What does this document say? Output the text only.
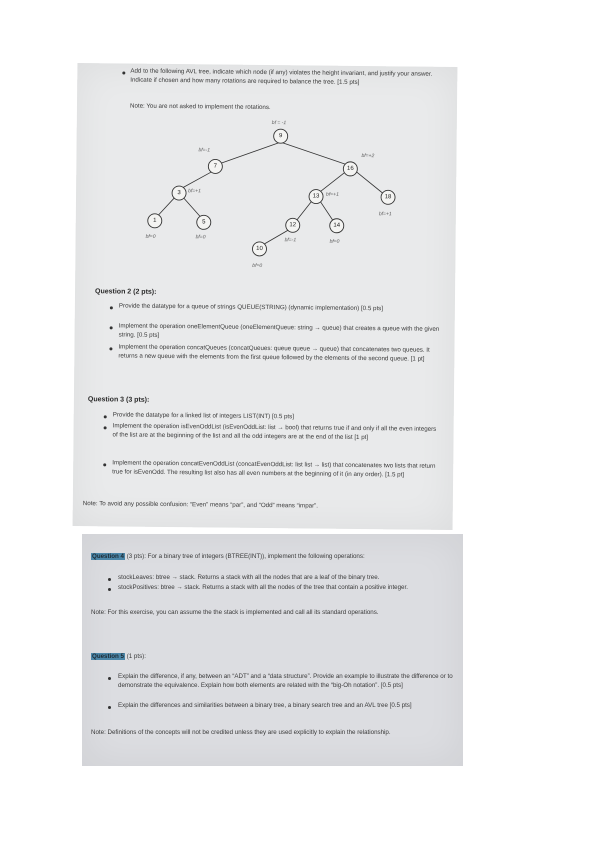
Add to the following AVL tree, indicate which node (if any) violates the height invariant, and justify your answer. Indicate if chosen and how many rotations are required to balance the tree. [1.5 pts]
Note: You are not asked to implement the rotations.
9
7	16
3
13	18
1	5	12	14
10
bf = -1
bf=-1
bf=+2
bf=+1
bf=+1
bf=+1
bf=0	bf=0	bf=-1	bf=0
bf=0
Question 2 (2 pts):
Provide the datatype for a queue of strings QUEUE(STRING) (dynamic implementation) [0.5 pts]
Implement the operation oneElementQueue (oneElementQueue: string → queue) that creates a queue with the given string. [0.5 pts]
Implement the operation concatQueues (concatQueues: queue queue → queue) that concatenates two queues. It returns a new queue with the elements from the first queue followed by the elements of the second queue. [1 pt]
Question 3 (3 pts):
Provide the datatype for a linked list of integers LIST(INT) [0.5 pts]
Implement the operation isEvenOddList (isEvenOddList: list → bool) that returns true if and only if all the even integers of the list are at the beginning of the list and all the odd integers are at the end of the list [1 pt]
Implement the operation concatEvenOddList (concatEvenOddList: list list → list) that concatenates two lists that return true for isEvenOdd. The resulting list also has all even numbers at the beginning of it (in any order). [1.5 pt]
Note: To avoid any possible confusion: “Even” means “par”, and “Odd” means “impar”.
Question 4 (3 pts): For a binary tree of integers (BTREE(INT)), implement the following operations:
stockLeaves: btree → stack. Returns a stack with all the nodes that are a leaf of the binary tree.
stockPositives: btree → stack. Returns a stack with all the nodes of the tree that contain a positive integer.
Note: For this exercise, you can assume the the stack is implemented and call all its standard operations.
Question 5 (1 pts):
Explain the difference, if any, between an “ADT” and a “data structure”. Provide an example to illustrate the difference or to demonstrate the equivalence. Explain how both elements are related with the “big-Oh notation”. [0.5 pts]
Explain the differences and similarities between a binary tree, a binary search tree and an AVL tree [0.5 pts]
Note: Definitions of the concepts will not be credited unless they are used explicitly to explain the relationship.
